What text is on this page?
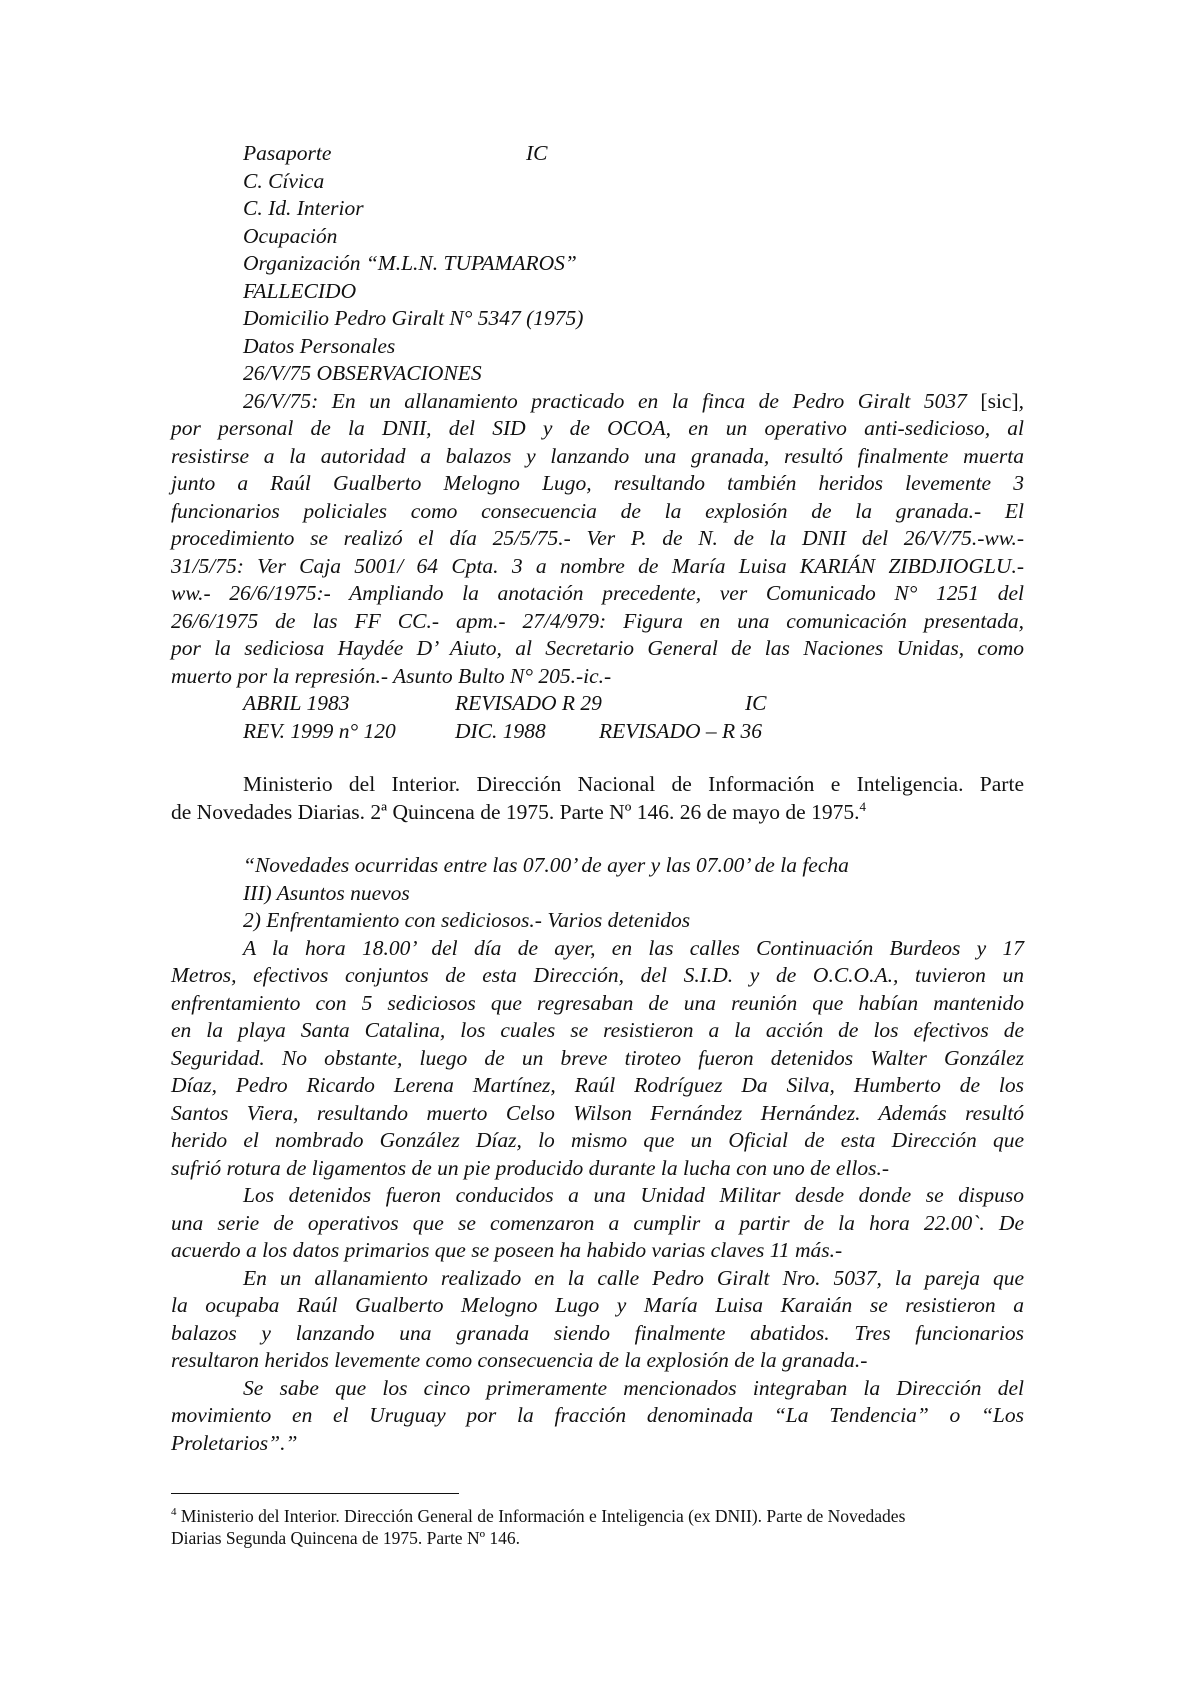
Pasaporte	IC
C. Cívica
C. Id. Interior
Ocupación
Organización “M.L.N. TUPAMAROS”
FALLECIDO
Domicilio Pedro Giralt N° 5347 (1975)
Datos Personales
26/V/75 OBSERVACIONES
26/V/75: En un allanamiento practicado en la finca de Pedro Giralt 5037 [sic],
por personal de la DNII, del SID y de OCOA, en un operativo anti-sedicioso, al
resistirse a la autoridad a balazos y lanzando una granada, resultó finalmente muerta
junto a Raúl Gualberto Melogno Lugo, resultando también heridos levemente 3
funcionarios policiales como consecuencia de la explosión de la granada.- El
procedimiento se realizó el día 25/5/75.- Ver P. de N. de la DNII del 26/V/75.-ww.-
31/5/75: Ver Caja 5001/ 64 Cpta. 3 a nombre de María Luisa KARIÁN ZIBDJIOGLU.-
ww.- 26/6/1975:- Ampliando la anotación precedente, ver Comunicado N° 1251 del
26/6/1975 de las FF CC.- apm.- 27/4/979: Figura en una comunicación presentada,
por la sediciosa Haydée D’ Aiuto, al Secretario General de las Naciones Unidas, como
muerto por la represión.- Asunto Bulto N° 205.-ic.-
ABRIL 1983	REVISADO R 29	IC
REV. 1999 n° 120	DIC. 1988 REVISADO – R 36
Ministerio del Interior. Dirección Nacional de Información e Inteligencia. Parte
de Novedades Diarias. 2ª Quincena de 1975. Parte Nº 146. 26 de mayo de 1975.$^4$
“Novedades ocurridas entre las 07.00’ de ayer y las 07.00’ de la fecha
III) Asuntos nuevos
2) Enfrentamiento con sediciosos.- Varios detenidos
A la hora 18.00’ del día de ayer, en las calles Continuación Burdeos y 17
Metros, efectivos conjuntos de esta Dirección, del S.I.D. y de O.C.O.A., tuvieron un
enfrentamiento con 5 sediciosos que regresaban de una reunión que habían mantenido
en la playa Santa Catalina, los cuales se resistieron a la acción de los efectivos de
Seguridad. No obstante, luego de un breve tiroteo fueron detenidos Walter González
Díaz, Pedro Ricardo Lerena Martínez, Raúl Rodríguez Da Silva, Humberto de los
Santos Viera, resultando muerto Celso Wilson Fernández Hernández. Además resultó
herido el nombrado González Díaz, lo mismo que un Oficial de esta Dirección que
sufrió rotura de ligamentos de un pie producido durante la lucha con uno de ellos.-
Los detenidos fueron conducidos a una Unidad Militar desde donde se dispuso
una serie de operativos que se comenzaron a cumplir a partir de la hora 22.00`. De
acuerdo a los datos primarios que se poseen ha habido varias claves 11 más.-
En un allanamiento realizado en la calle Pedro Giralt Nro. 5037, la pareja que
la ocupaba Raúl Gualberto Melogno Lugo y María Luisa Karaián se resistieron a
balazos y lanzando una granada siendo finalmente abatidos. Tres funcionarios
resultaron heridos levemente como consecuencia de la explosión de la granada.-
Se sabe que los cinco primeramente mencionados integraban la Dirección del
movimiento en el Uruguay por la fracción denominada “La Tendencia” o “Los
Proletarios”.”
$^4$ Ministerio del Interior. Dirección General de Información e Inteligencia (ex DNII). Parte de Novedades
Diarias Segunda Quincena de 1975. Parte Nº 146.
